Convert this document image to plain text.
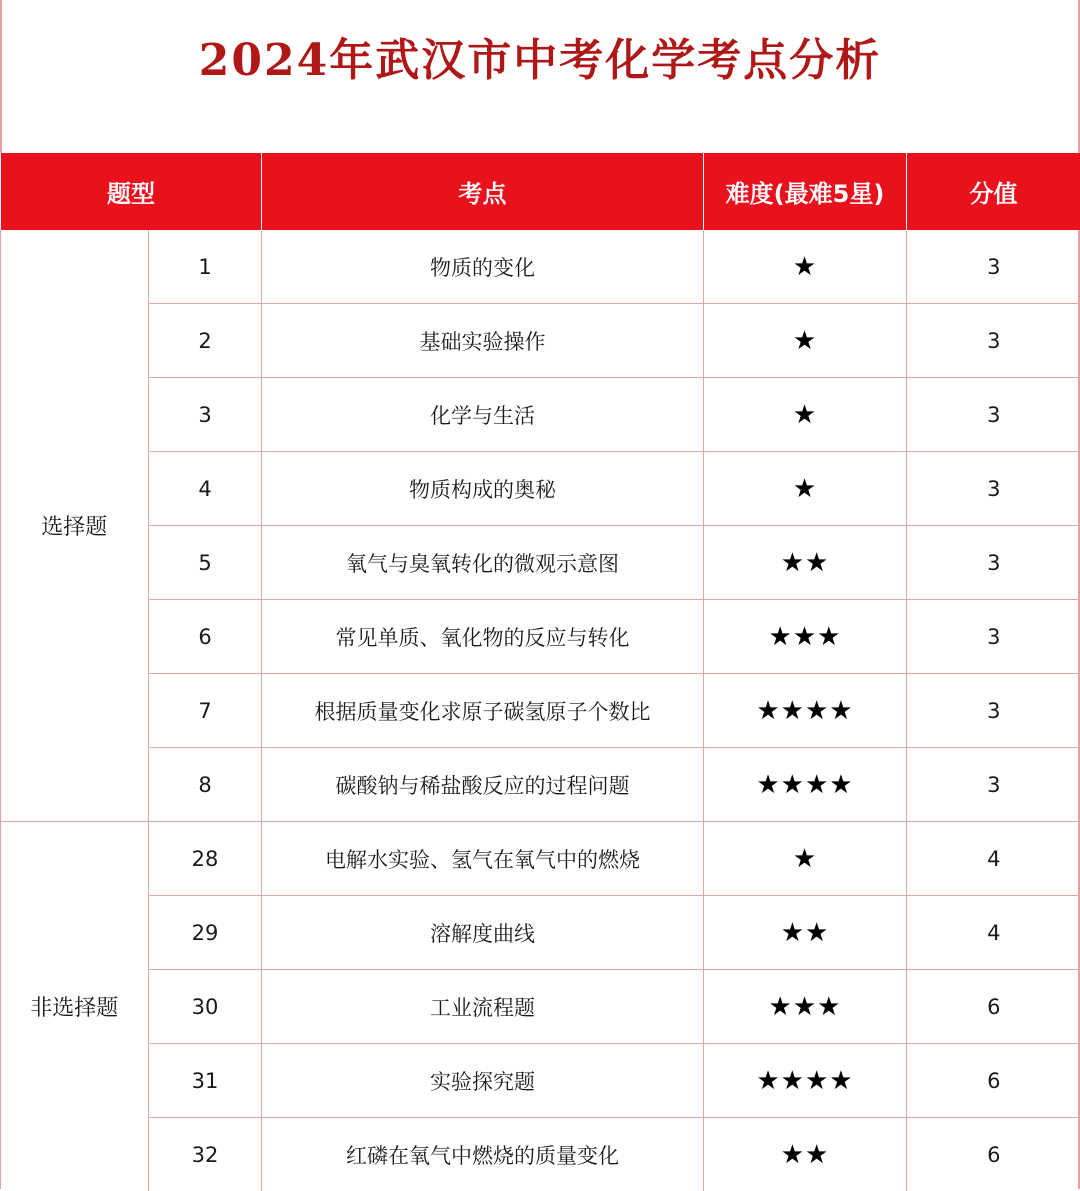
2024年武汉市中考化学考点分析
题型		考点	难度(最难5星)	分值
选择题	1	物质的变化	★	3
	2	基础实验操作	★	3
	3	化学与生活	★	3
	4	物质构成的奥秘	★	3
	5	氧气与臭氧转化的微观示意图	★★	3
	6	常见单质、氧化物的反应与转化	★★★	3
	7	根据质量变化求原子碳氢原子个数比	★★★★	3
	8	碳酸钠与稀盐酸反应的过程问题	★★★★	3
非选择题	28	电解水实验、氢气在氧气中的燃烧	★	4
	29	溶解度曲线	★★	4
	30	工业流程题	★★★	6
	31	实验探究题	★★★★	6
	32	红磷在氧气中燃烧的质量变化	★★	6
